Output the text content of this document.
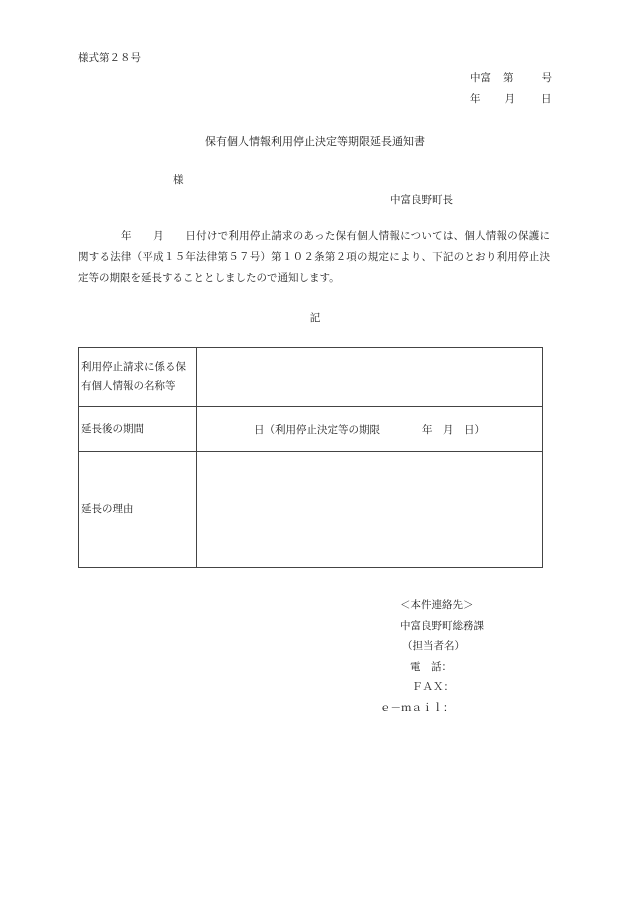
様式第２８号
中富 第	号
年 月 日
保有個人情報利用停止決定等期限延長通知書
様
中富良野町長
　　　　年　　月　　日付けで利用停止請求のあった保有個人情報については、個人情報の保護に関する法律（平成１５年法律第５７号）第１０２条第２項の規定により、下記のとおり利用停止決定等の期限を延長することとしましたので通知します。
記
利用停止請求に係る保有個人情報の名称等	
延長後の期間	日（利用停止決定等の期限　　　　年　月　日）
延長の理由	
＜本件連絡先＞
中富良野町総務課
（担当者名）
電　話：
ＦＡＸ：
ｅ－ｍａｉｌ：
